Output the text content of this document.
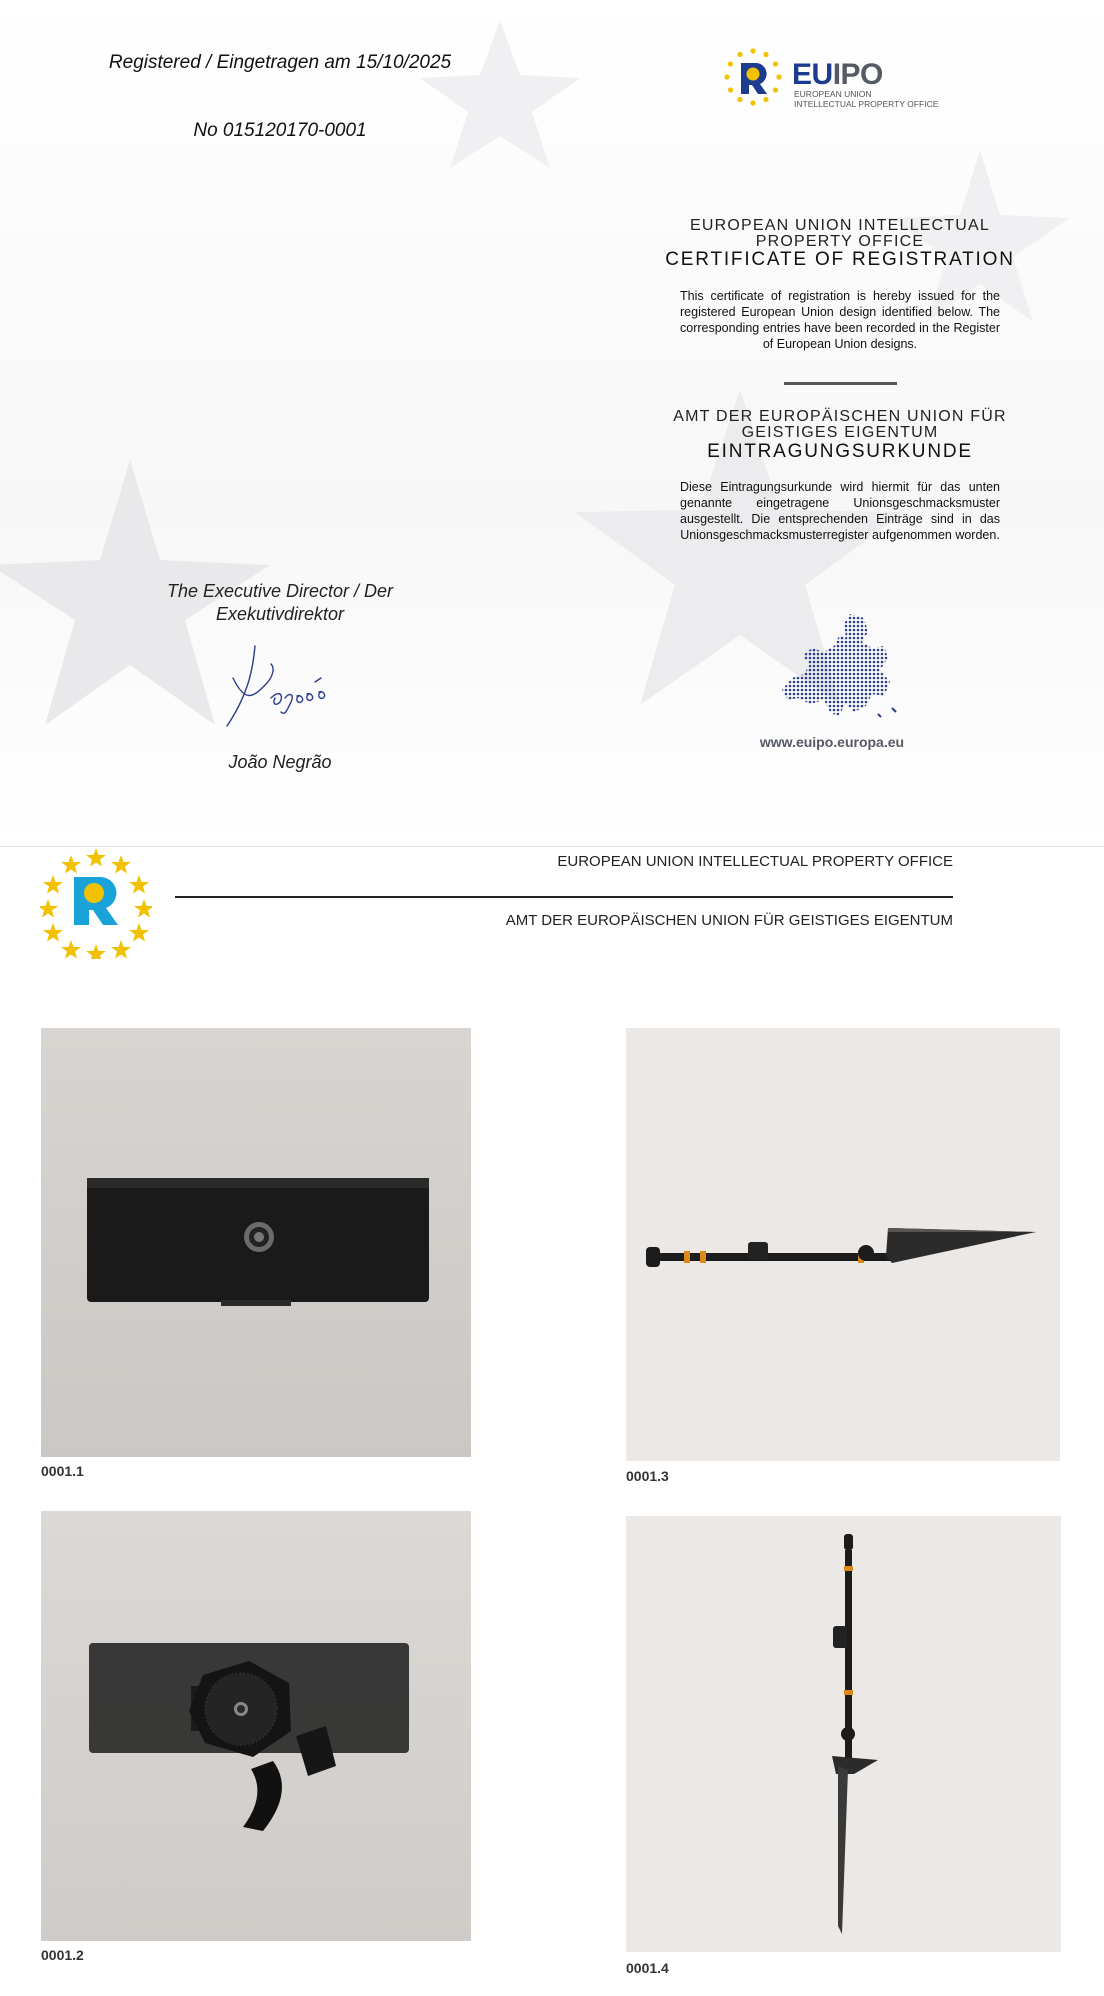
Registered / Eingetragen am 15/10/2025
No 015120170-0001
EUIPO
EUROPEAN UNION
INTELLECTUAL PROPERTY OFFICE
EUROPEAN UNION INTELLECTUAL
PROPERTY OFFICE
CERTIFICATE OF REGISTRATION
This certificate of registration is hereby issued for the registered European Union design identified below. The corresponding entries have been recorded in the Register of European Union designs.
AMT DER EUROPÄISCHEN UNION FÜR
GEISTIGES EIGENTUM
EINTRAGUNGSURKUNDE
Diese Eintragungsurkunde wird hiermit für das unten genannte eingetragene Unionsgeschmacksmuster ausgestellt. Die entsprechenden Einträge sind in das Unionsgeschmacksmusterregister aufgenommen worden.
The Executive Director / Der Exekutivdirektor
João Negrão
www.euipo.europa.eu
EUROPEAN UNION INTELLECTUAL PROPERTY OFFICE
AMT DER EUROPÄISCHEN UNION FÜR GEISTIGES EIGENTUM
0001.1	0001.3
0001.2
0001.4
